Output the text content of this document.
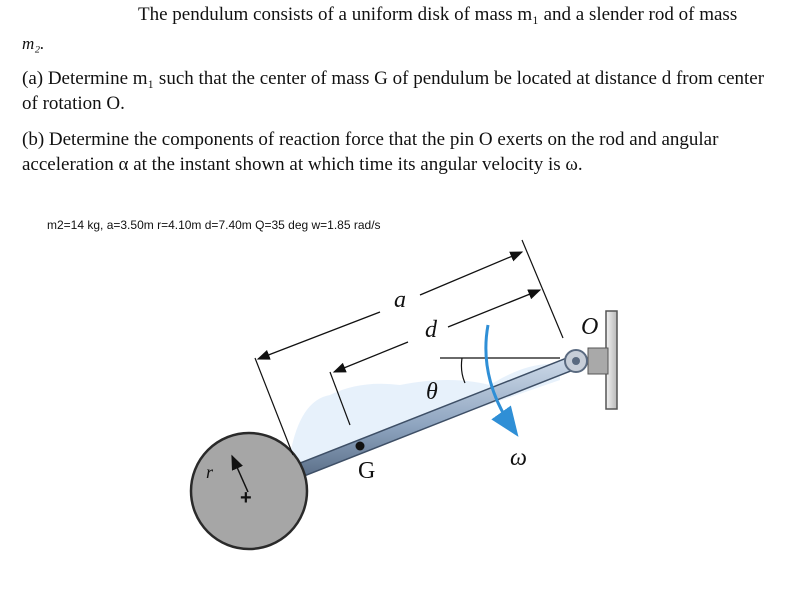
The pendulum consists of a uniform disk of mass m₁ and a slender rod of mass
m₂.
(a) Determine m₁ such that the center of mass G of pendulum be located at distance d from center of rotation O.
(b) Determine the components of reaction force that the pin O exerts on the rod and angular acceleration α at the instant shown at which time its angular velocity is ω.
m2=14 kg, a=3.50m r=4.10m d=7.40m Q=35 deg w=1.85 rad/s
a
d	O
θ
G	ω
r
+
